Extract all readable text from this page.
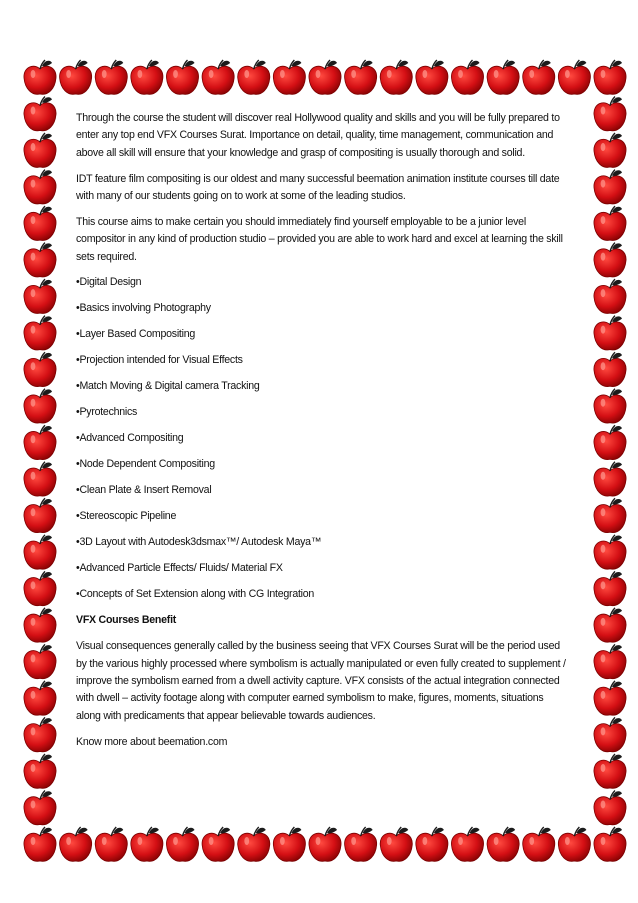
Through the course the student will discover real Hollywood quality and skills and you will be fully prepared to enter any top end VFX Courses Surat. Importance on detail, quality, time management, communication and above all skill will ensure that your knowledge and grasp of compositing is usually thorough and solid.

IDT feature film compositing is our oldest and many successful beemation animation institute courses till date with many of our students going on to work at some of the leading studios.

This course aims to make certain you should immediately find yourself employable to be a junior level compositor in any kind of production studio – provided you are able to work hard and excel at learning the skill sets required.

•Digital Design

•Basics involving Photography

•Layer Based Compositing

•Projection intended for Visual Effects

•Match Moving & Digital camera Tracking

•Pyrotechnics

•Advanced Compositing

•Node Dependent Compositing

•Clean Plate & Insert Removal

•Stereoscopic Pipeline

•3D Layout with Autodesk3dsmax™/ Autodesk Maya™

•Advanced Particle Effects/ Fluids/ Material FX

•Concepts of Set Extension along with CG Integration

VFX Courses Benefit

Visual consequences generally called by the business seeing that VFX Courses Surat will be the period used by the various highly processed where symbolism is actually manipulated or even fully created to supplement / improve the symbolism earned from a dwell activity capture. VFX consists of the actual integration connected with dwell – activity footage along with computer earned symbolism to make, figures, moments, situations along with predicaments that appear believable towards audiences.

Know more about beemation.com
